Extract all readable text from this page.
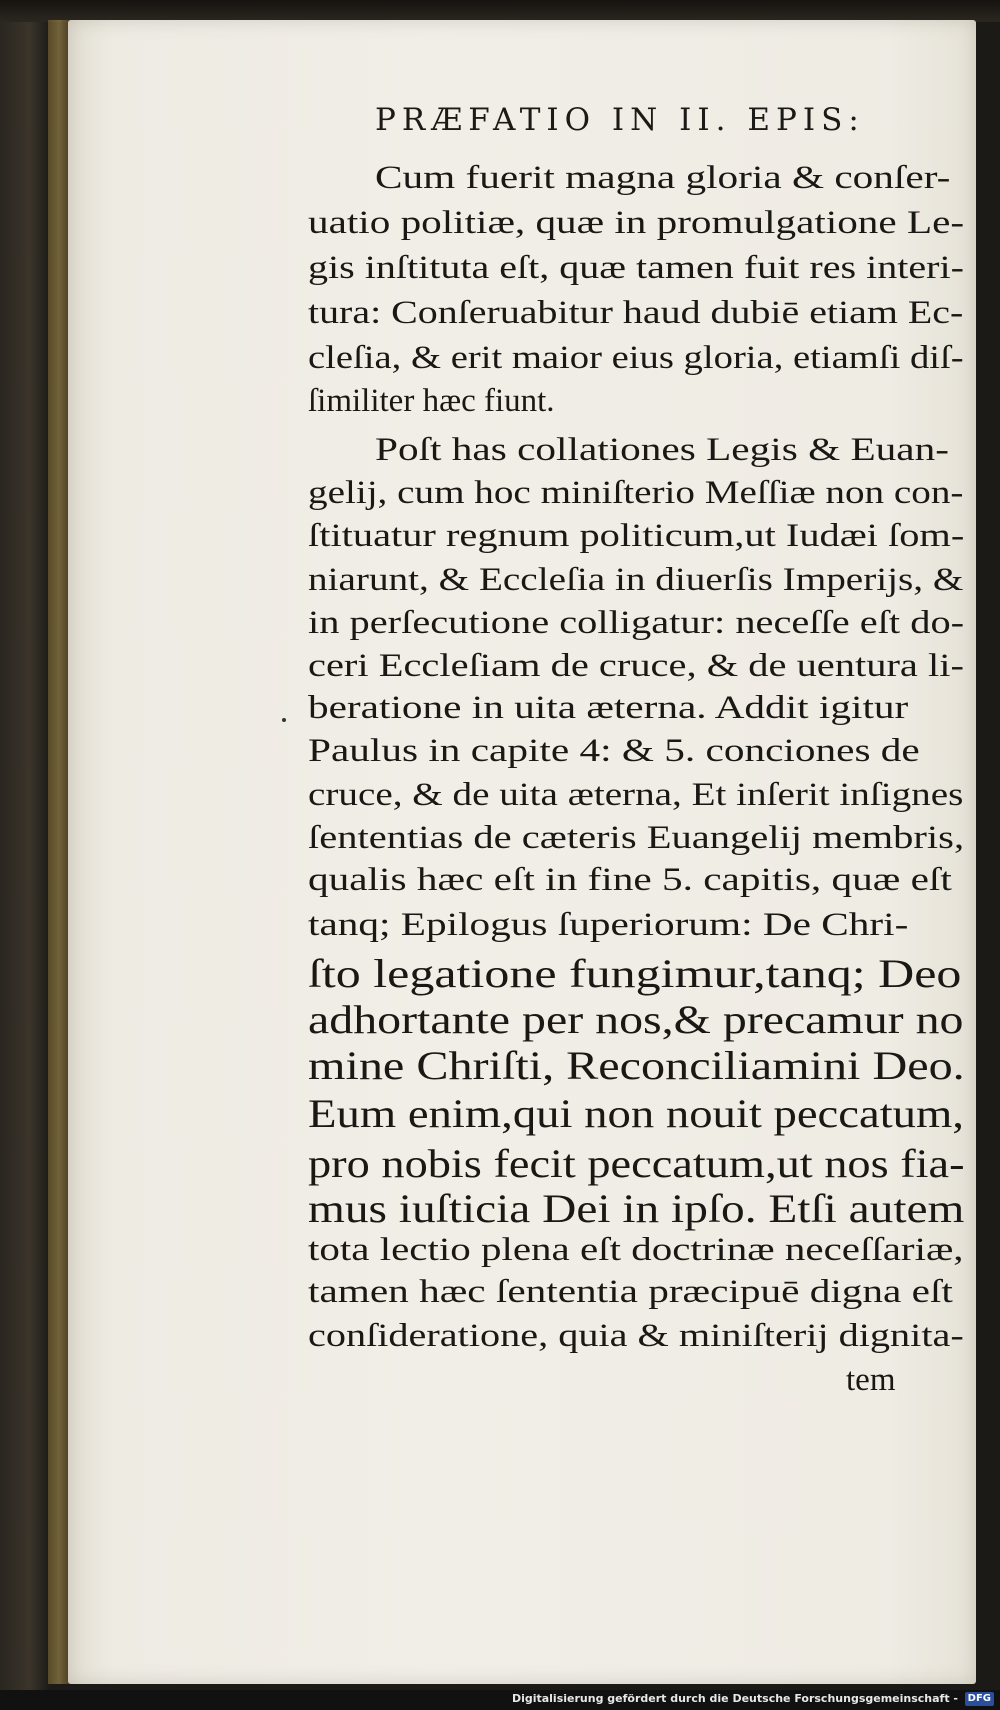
PRÆFATIO IN II. EPIS:
Cum fuerit magna gloria & conſer-
uatio politiæ, quæ in promulgatione Le-
gis inſtituta eſt, quæ tamen fuit res interi-
tura: Conſeruabitur haud dubiē etiam Ec-
cleſia, & erit maior eius gloria, etiamſi diſ-
ſimiliter hæc fiunt.
Poſt has collationes Legis & Euan-
gelij, cum hoc miniſterio Meſſiæ non con-
ſtituatur regnum politicum,ut Iudæi ſom-
niarunt, & Eccleſia in diuerſis Imperijs, &
in perſecutione colligatur: neceſſe eſt do-
ceri Eccleſiam de cruce, & de uentura li-
beratione in uita æterna. Addit igitur
Paulus in capite 4: & 5. conciones de
cruce, & de uita æterna, Et inſerit inſignes
ſententias de cæteris Euangelij membris,
qualis hæc eſt in fine 5. capitis, quæ eſt
tanq; Epilogus ſuperiorum: De Chri-
ſto legatione fungimur,tanq; Deo
adhortante per nos,& precamur no
mine Chriſti, Reconciliamini Deo.
Eum enim,qui non nouit peccatum,
pro nobis fecit peccatum,ut nos fia-
mus iuſticia Dei in ipſo. Etſi autem
tota lectio plena eſt doctrinæ neceſſariæ,
tamen hæc ſententia præcipuē digna eſt
conſideratione, quia & miniſterij dignita-
tem
Digitalisierung gefördert durch die Deutsche Forschungsgemeinschaft - DFG
